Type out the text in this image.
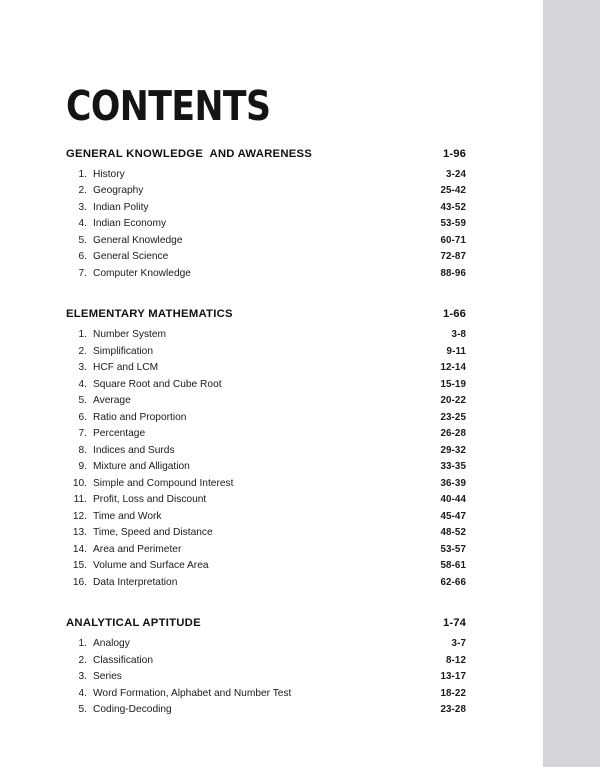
CONTENTS
GENERAL KNOWLEDGE  AND AWARENESS	1-96
1. History	3-24
2. Geography	25-42
3. Indian Polity	43-52
4. Indian Economy	53-59
5. General Knowledge	60-71
6. General Science	72-87
7. Computer Knowledge	88-96
ELEMENTARY MATHEMATICS	1-66
1. Number System	3-8
2. Simplification	9-11
3. HCF and LCM	12-14
4. Square Root and Cube Root	15-19
5. Average	20-22
6. Ratio and Proportion	23-25
7. Percentage	26-28
8. Indices and Surds	29-32
9. Mixture and Alligation	33-35
10. Simple and Compound Interest	36-39
11. Profit, Loss and Discount	40-44
12. Time and Work	45-47
13. Time, Speed and Distance	48-52
14. Area and Perimeter	53-57
15. Volume and Surface Area	58-61
16. Data Interpretation	62-66
ANALYTICAL APTITUDE	1-74
1. Analogy	3-7
2. Classification	8-12
3. Series	13-17
4. Word Formation, Alphabet and Number Test	18-22
5. Coding-Decoding	23-28
